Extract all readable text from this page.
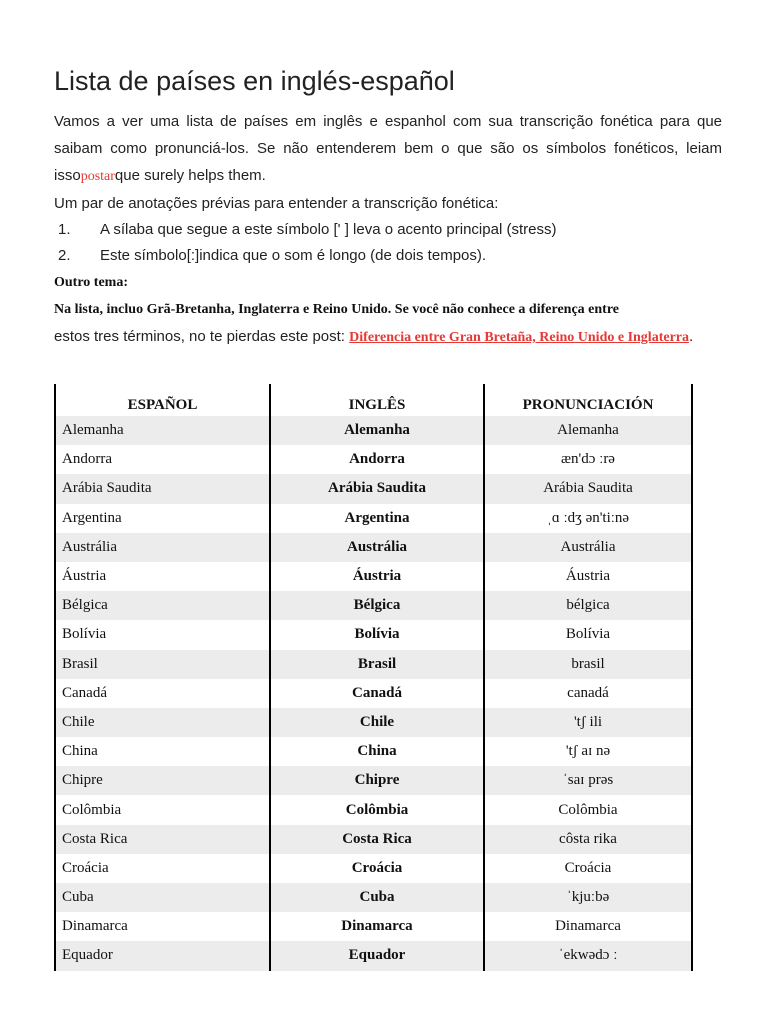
Lista de países en inglés-español

Vamos a ver uma lista de países em inglês e espanhol com sua transcrição fonética para que saibam como pronunciá-los. Se não entenderem bem o que são os símbolos fonéticos, leiam issopostarque surely helps them.

Um par de anotações prévias para entender a transcrição fonética:

1. A sílaba que segue a este símbolo [' ] leva o acento principal (stress)
2. Este símbolo[:]indica que o som é longo (de dois tempos).
Outro tema:
Na lista, incluo Grã-Bretanha, Inglaterra e Reino Unido. Se você não conhece a diferença entre
estos tres términos, no te pierdas este post: Diferencia entre Gran Bretaña, Reino Unido e Inglaterra.
ESPAÑOL	INGLÊS	PRONUNCIACIÓN
Alemanha	Alemanha	Alemanha
Andorra	Andorra	æn'dɔ ːrə
Arábia Saudita	Arábia Saudita	Arábia Saudita
Argentina	Argentina	ˌɑ ːdʒ ən'tiːnə
Austrália	Austrália	Austrália
Áustria	Áustria	Áustria
Bélgica	Bélgica	bélgica
Bolívia	Bolívia	Bolívia
Brasil	Brasil	brasil
Canadá	Canadá	canadá
Chile	Chile	'tʃ ili
China	China	'tʃ aɪ nə
Chipre	Chipre	ˈsaɪ prəs
Colômbia	Colômbia	Colômbia
Costa Rica	Costa Rica	côsta rika
Croácia	Croácia	Croácia
Cuba	Cuba	ˈkjuːbə
Dinamarca	Dinamarca	Dinamarca
Equador	Equador	ˈekwədɔ ː
